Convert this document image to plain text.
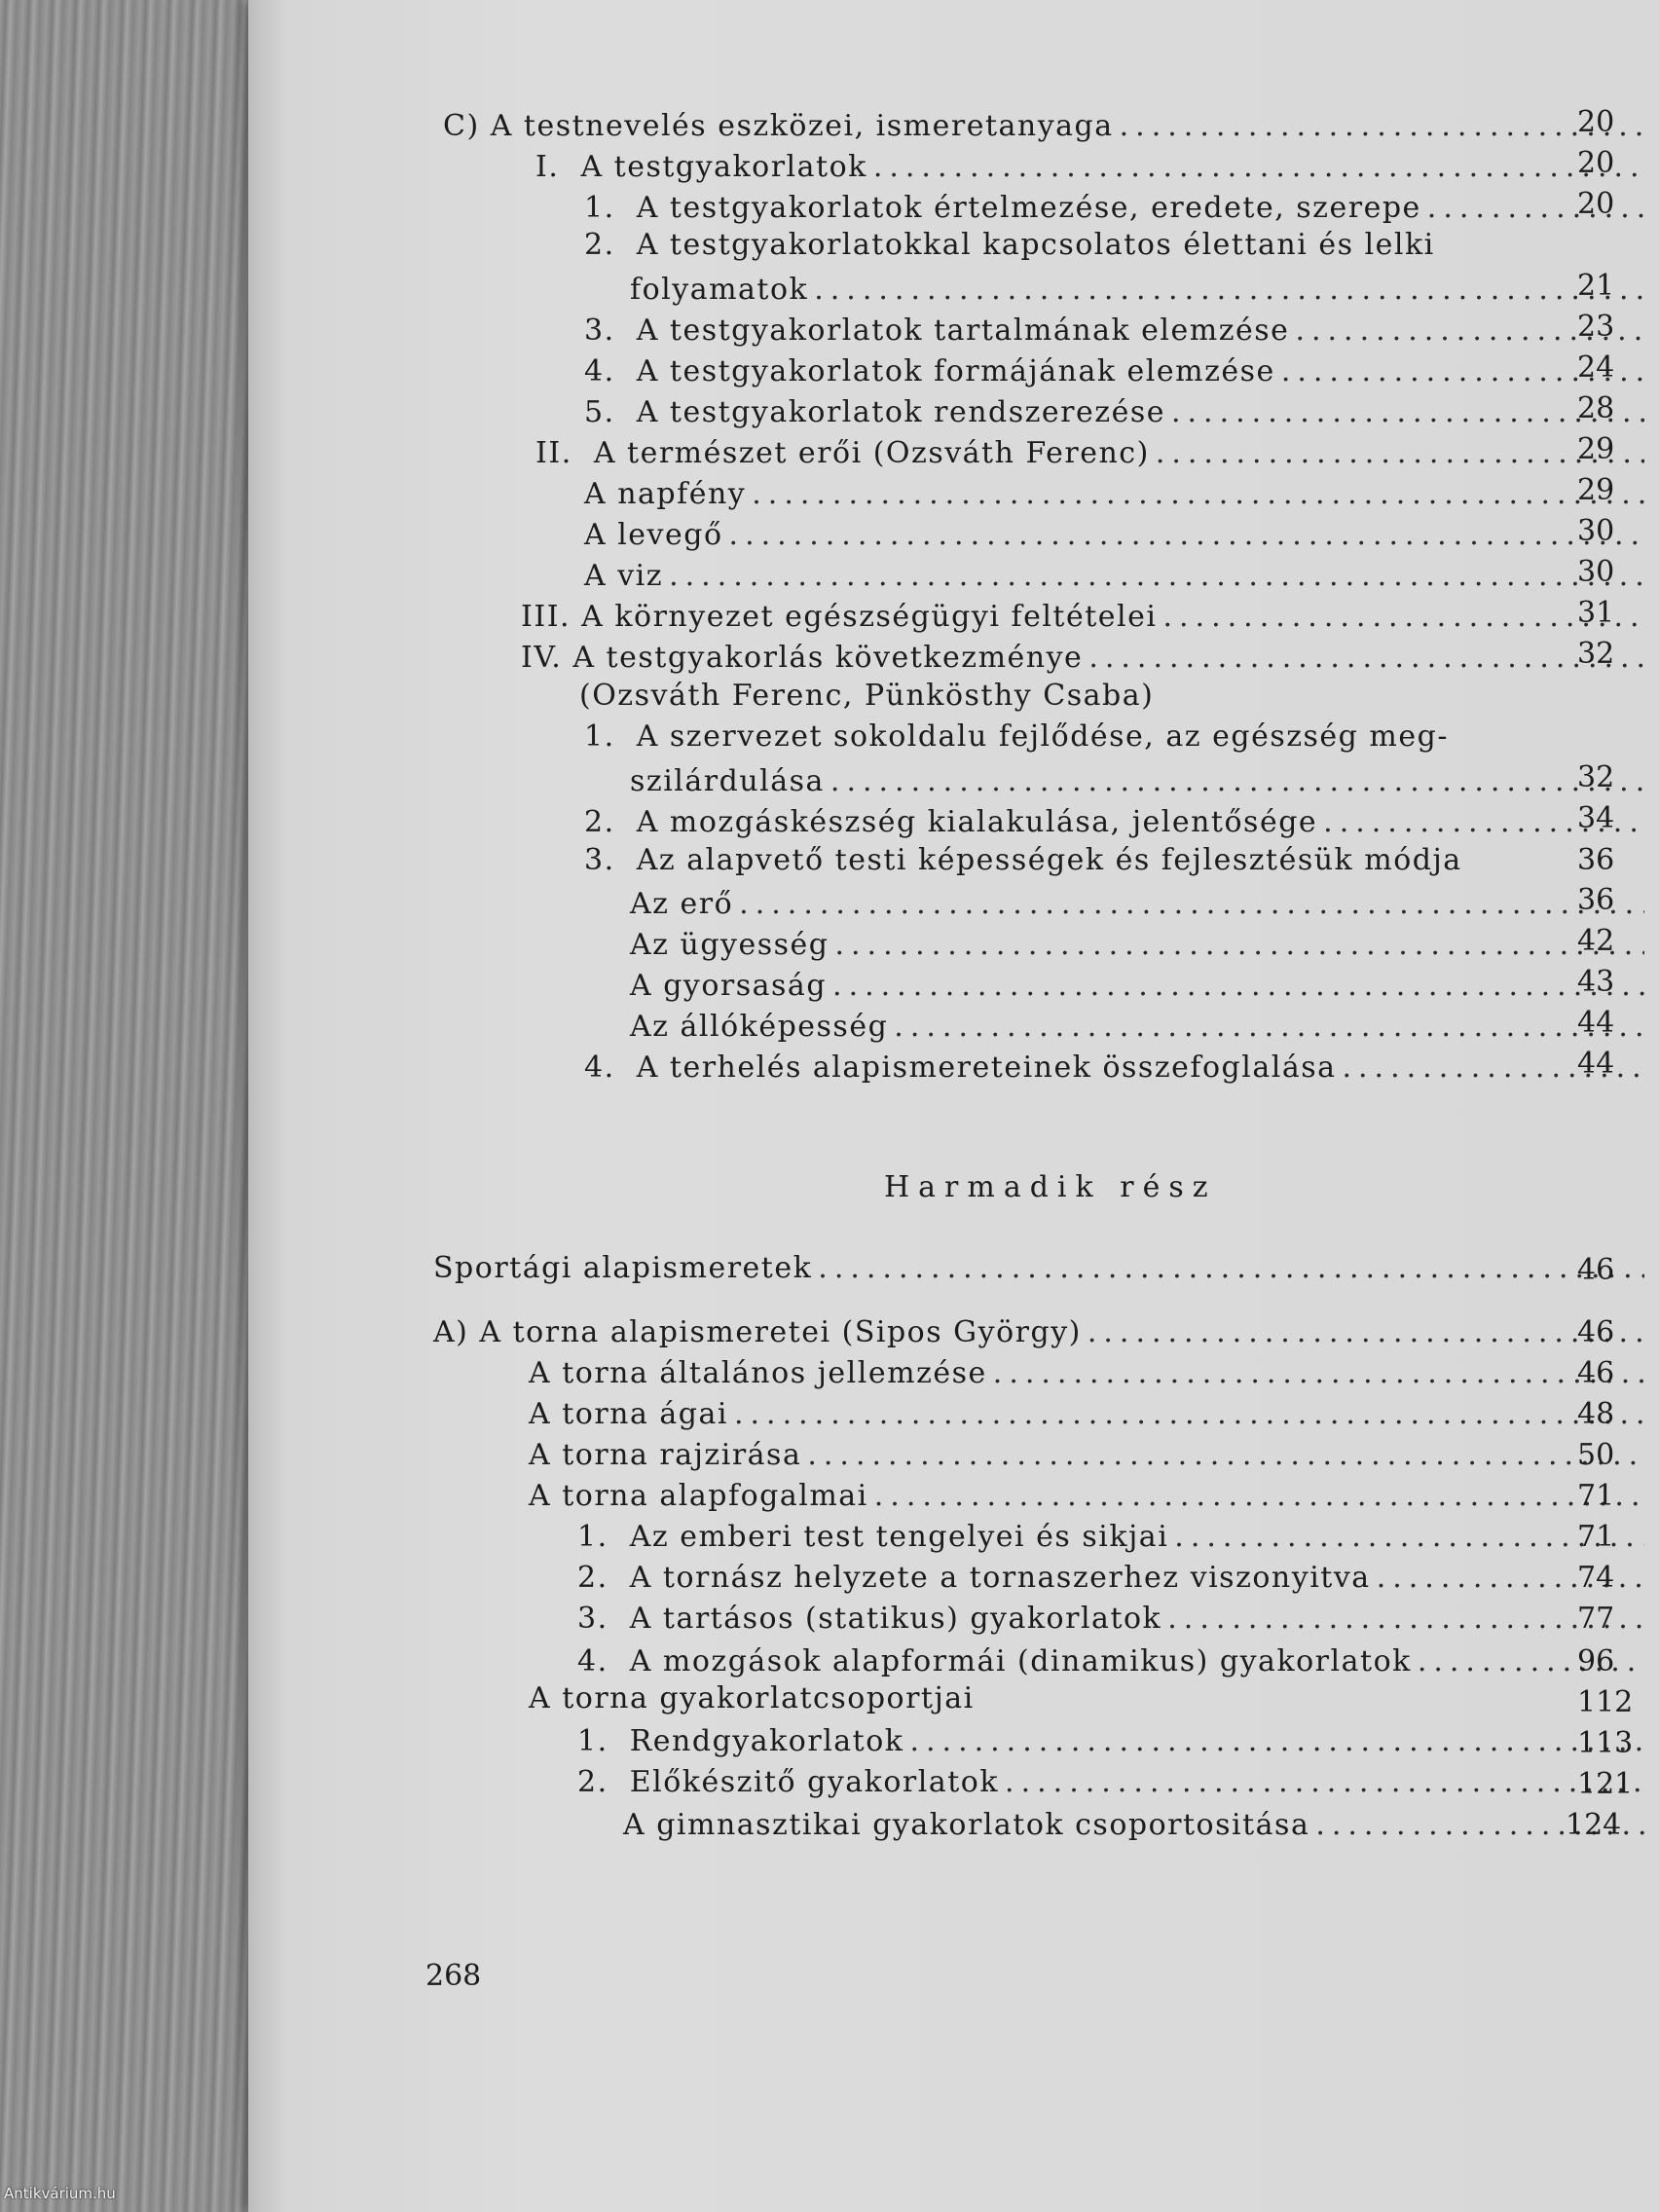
C)
A testnevelés eszközei, ismeretanyaga .....	20
I.
A testgyakorlatok .....	20
1.
A testgyakorlatok értelmezése, eredete, szerepe .....	20
2. A testgyakorlatokkal kapcsolatos élettani és lelki
folyamatok .....	21
3.
A testgyakorlatok tartalmának elemzése .....	23
4.
A testgyakorlatok formájának elemzése .....	24
5.
A testgyakorlatok rendszerezése .....	28
II.
A természet erői (Ozsváth Ferenc) .....	29
A napfény .....	29
A levegő .....	30
A viz .....	30
III.
A környezet egészségügyi feltételei .....	31
IV.
A testgyakorlás következménye .....	32
(Ozsváth Ferenc, Pünkösthy Csaba)
1. A szervezet sokoldalu fejlődése, az egészség meg-
szilárdulása .....	32
2.
A mozgáskészség kialakulása, jelentősége .....	34
3. Az alapvető testi képességek és fejlesztésük módja	36
Az erő .....	36
Az ügyesség .....	42
A gyorsaság .....	43
Az állóképesség .....	44
4.
A terhelés alapismereteinek összefoglalása .....	44
Harmadik rész
Sportági alapismeretek .....	46
A)
A torna alapismeretei (Sipos György) .....	46
A torna általános jellemzése .....	46
A torna ágai .....	48
A torna rajzirása .....	50
A torna alapfogalmai .....	71
1.
Az emberi test tengelyei és sikjai .....	71
2.
A tornász helyzete a tornaszerhez viszonyitva .....	74
3.
A tartásos (statikus) gyakorlatok .....	77
4.
A mozgások alapformái (dinamikus) gyakorlatok .....	96
A torna gyakorlatcsoportjai	112
1.
Rendgyakorlatok .....	113
2.
Előkészitő gyakorlatok .....	121
A gimnasztikai gyakorlatok csoportositása .....	124
268
Antikvárium.hu
